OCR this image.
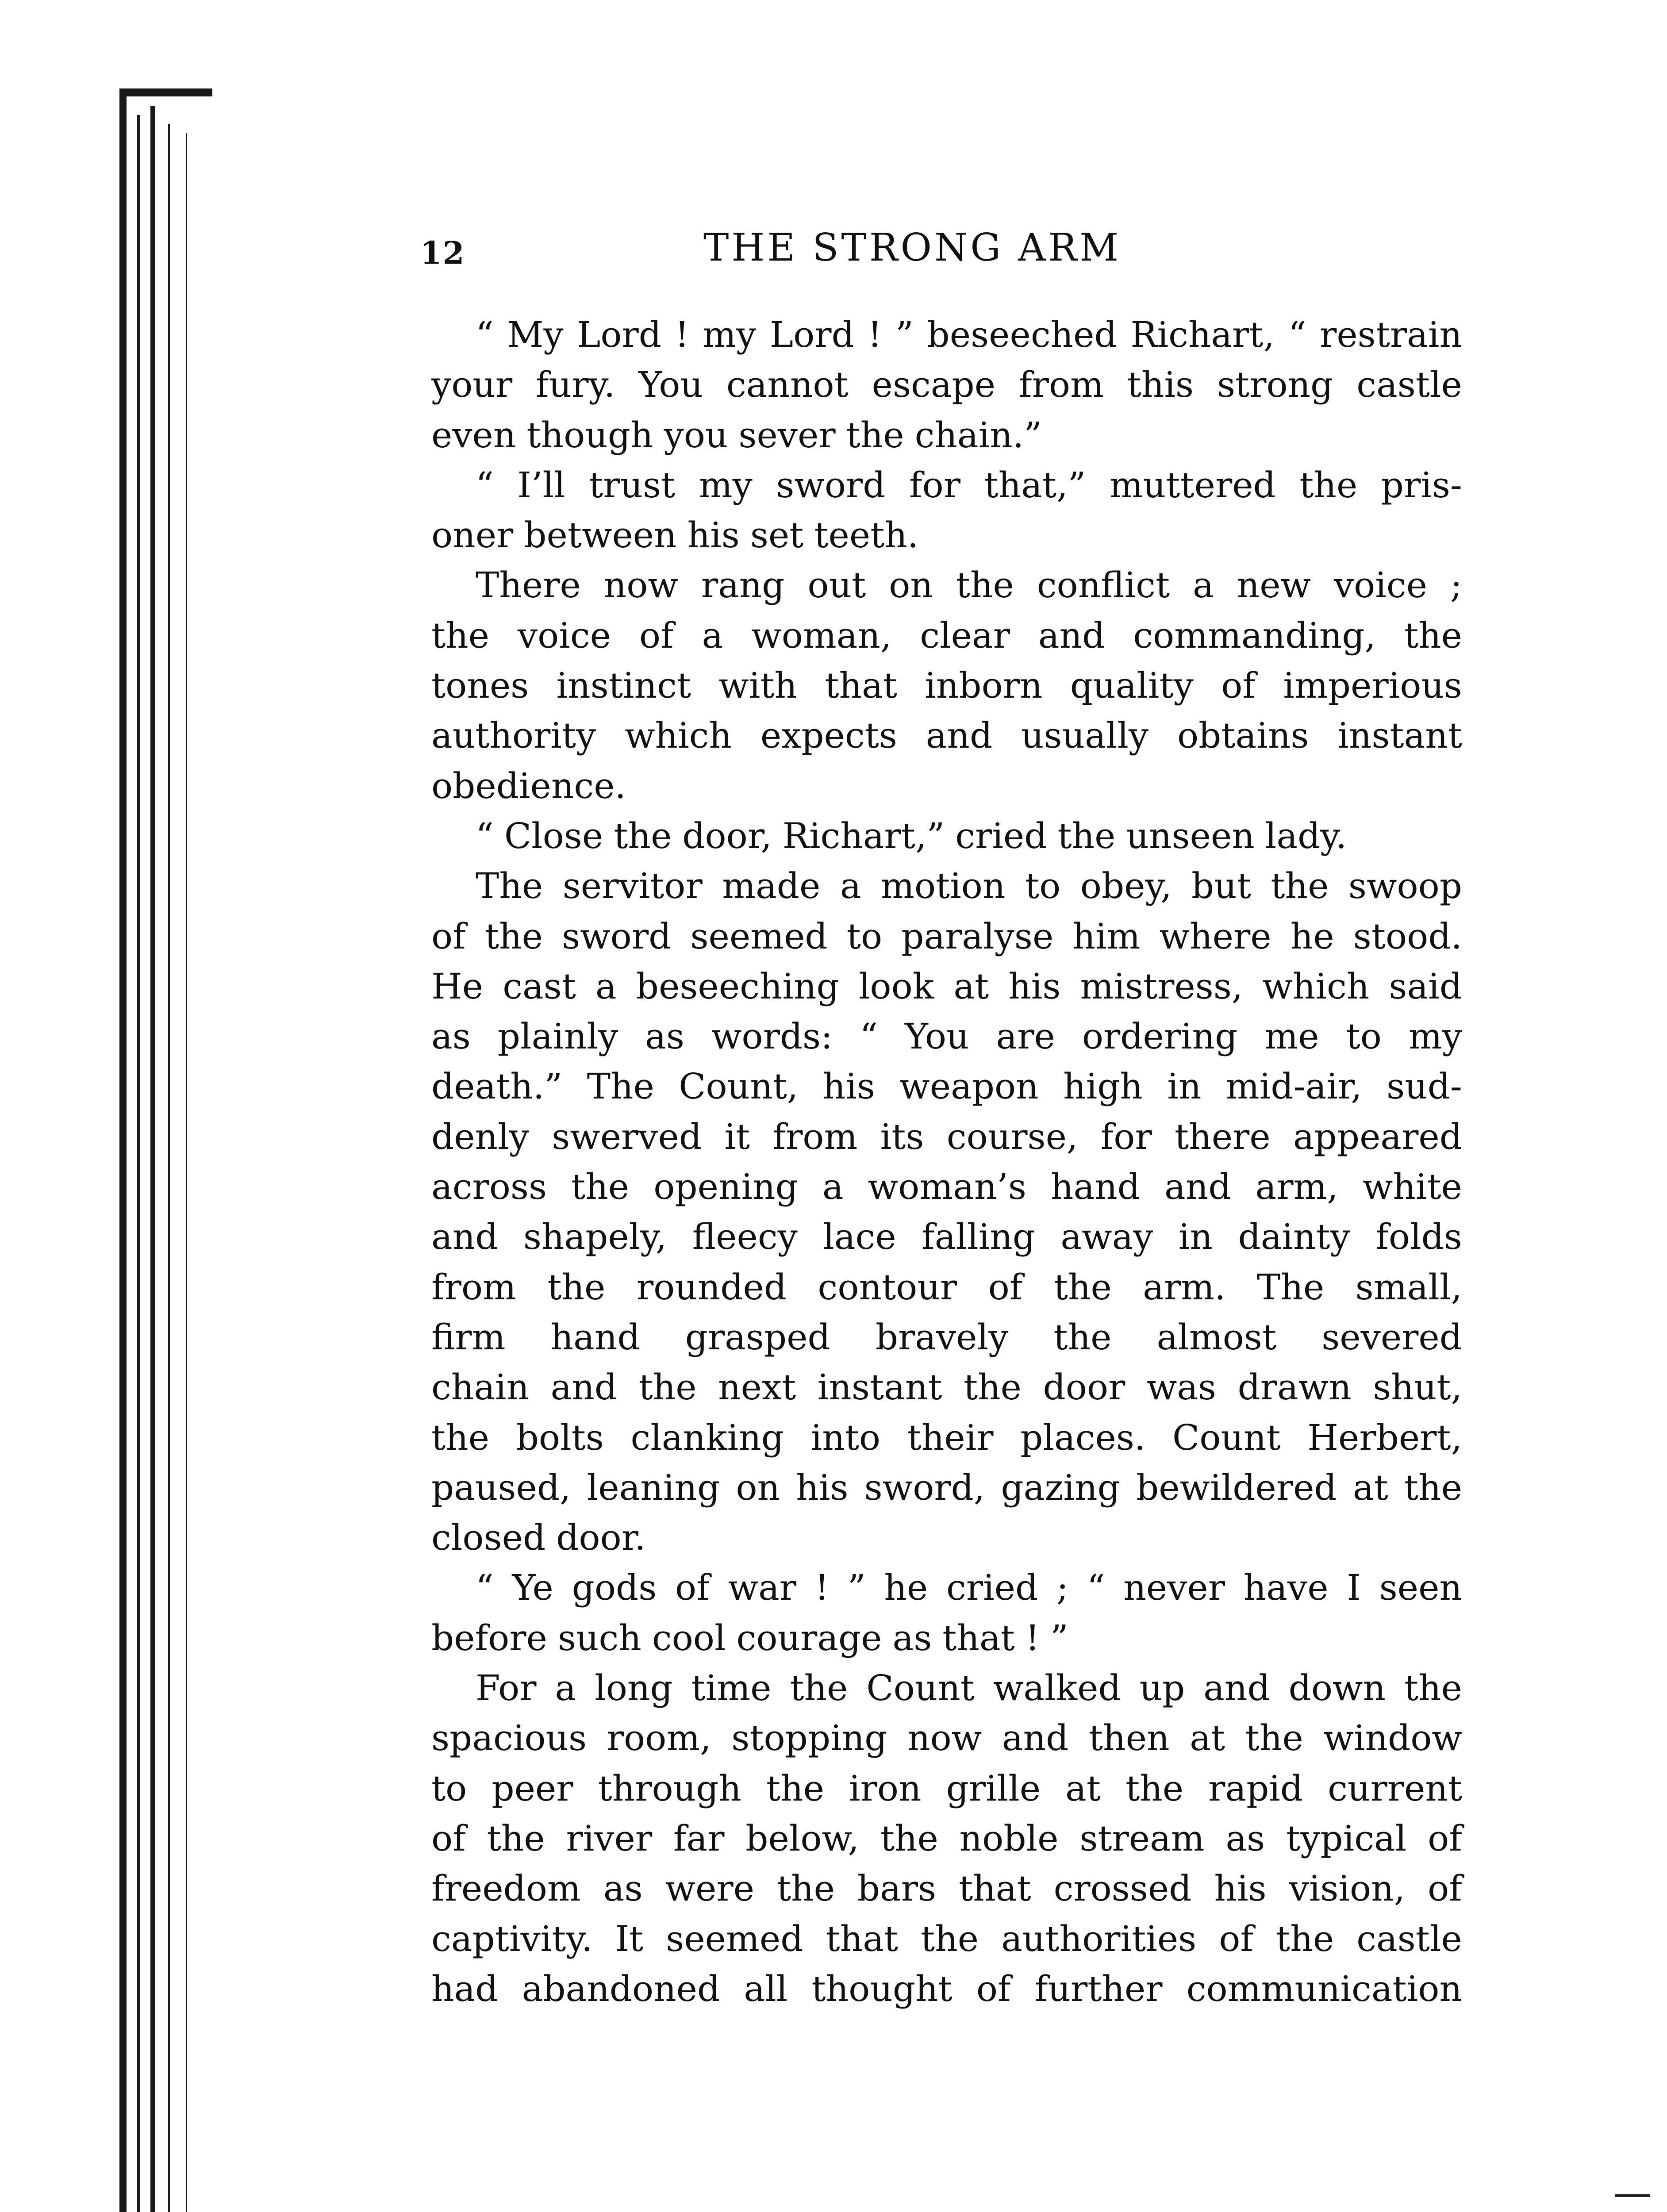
12	THE STRONG ARM
“ My Lord ! my Lord ! ” beseeched Richart, “ restrain
your fury. You cannot escape from this strong castle
even though you sever the chain.”
“ I’ll trust my sword for that,” muttered the pris-
oner between his set teeth.
There now rang out on the conflict a new voice ;
the voice of a woman, clear and commanding, the
tones instinct with that inborn quality of imperious
authority which expects and usually obtains instant
obedience.
“ Close the door, Richart,” cried the unseen lady.
The servitor made a motion to obey, but the swoop
of the sword seemed to paralyse him where he stood.
He cast a beseeching look at his mistress, which said
as plainly as words: “ You are ordering me to my
death.” The Count, his weapon high in mid-air, sud-
denly swerved it from its course, for there appeared
across the opening a woman’s hand and arm, white
and shapely, fleecy lace falling away in dainty folds
from the rounded contour of the arm. The small,
firm hand grasped bravely the almost severed
chain and the next instant the door was drawn shut,
the bolts clanking into their places. Count Herbert,
paused, leaning on his sword, gazing bewildered at the
closed door.
“ Ye gods of war ! ” he cried ; “ never have I seen
before such cool courage as that ! ”
For a long time the Count walked up and down the
spacious room, stopping now and then at the window
to peer through the iron grille at the rapid current
of the river far below, the noble stream as typical of
freedom as were the bars that crossed his vision, of
captivity. It seemed that the authorities of the castle
had abandoned all thought of further communication
